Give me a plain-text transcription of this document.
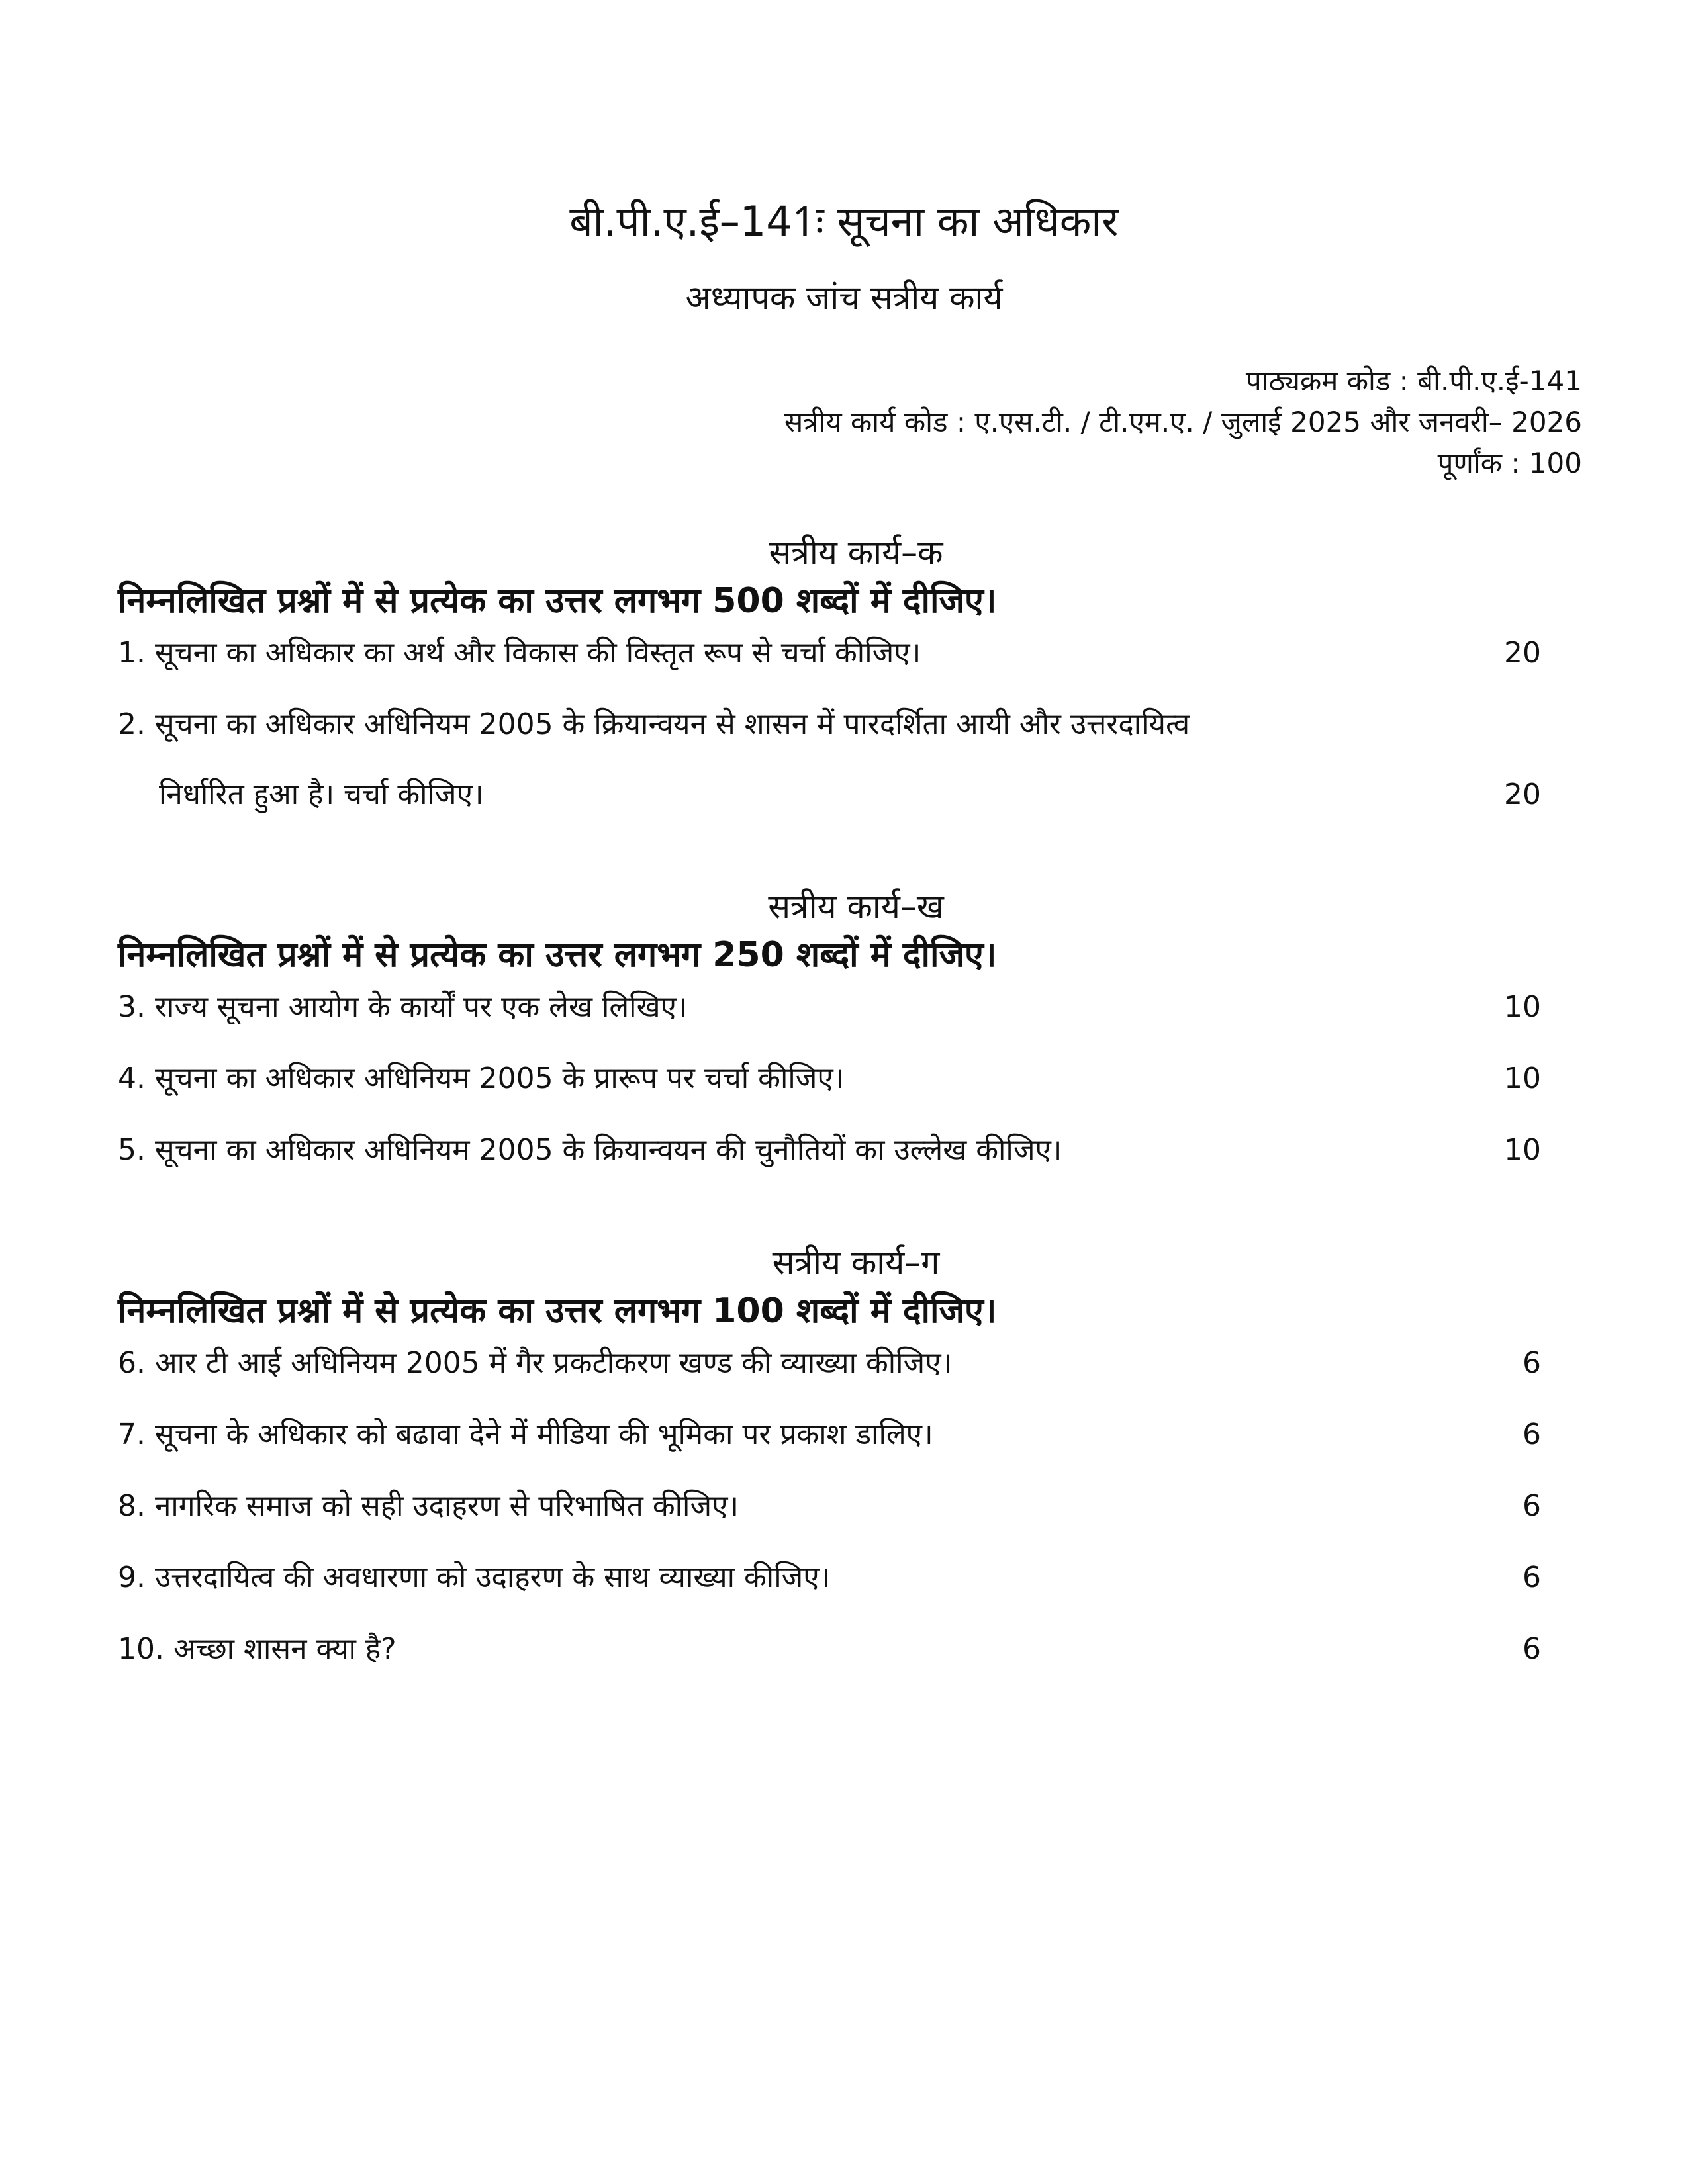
बी.पी.ए.ई–141ः सूचना का अधिकार
अध्यापक जांच सत्रीय कार्य
पाठ्यक्रम कोड : बी.पी.ए.ई-141
सत्रीय कार्य कोड : ए.एस.टी. / टी.एम.ए. / जुलाई 2025 और जनवरी– 2026
पूर्णांक : 100
सत्रीय कार्य–क
निम्नलिखित प्रश्नों में से प्रत्येक का उत्तर लगभग 500 शब्दों में दीजिए।
1. सूचना का अधिकार का अर्थ और विकास की विस्तृत रूप से चर्चा कीजिए।	20
2. सूचना का अधिकार अधिनियम 2005 के क्रियान्वयन से शासन में पारदर्शिता आयी और उत्तरदायित्व
निर्धारित हुआ है। चर्चा कीजिए।	20
सत्रीय कार्य–ख
निम्नलिखित प्रश्नों में से प्रत्येक का उत्तर लगभग 250 शब्दों में दीजिए।
3. राज्य सूचना आयोग के कार्यों पर एक लेख लिखिए।	10
4. सूचना का अधिकार अधिनियम 2005 के प्रारूप पर चर्चा कीजिए।	10
5. सूचना का अधिकार अधिनियम 2005 के क्रियान्वयन की चुनौतियों का उल्लेख कीजिए।	10
सत्रीय कार्य–ग
निम्नलिखित प्रश्नों में से प्रत्येक का उत्तर लगभग 100 शब्दों में दीजिए।
6. आर टी आई अधिनियम 2005 में गैर प्रकटीकरण खण्ड की व्याख्या कीजिए।	6
7. सूचना के अधिकार को बढावा देने में मीडिया की भूमिका पर प्रकाश डालिए।	6
8. नागरिक समाज को सही उदाहरण से परिभाषित कीजिए।	6
9. उत्तरदायित्व की अवधारणा को उदाहरण के साथ व्याख्या कीजिए।	6
10. अच्छा शासन क्या है?	6
